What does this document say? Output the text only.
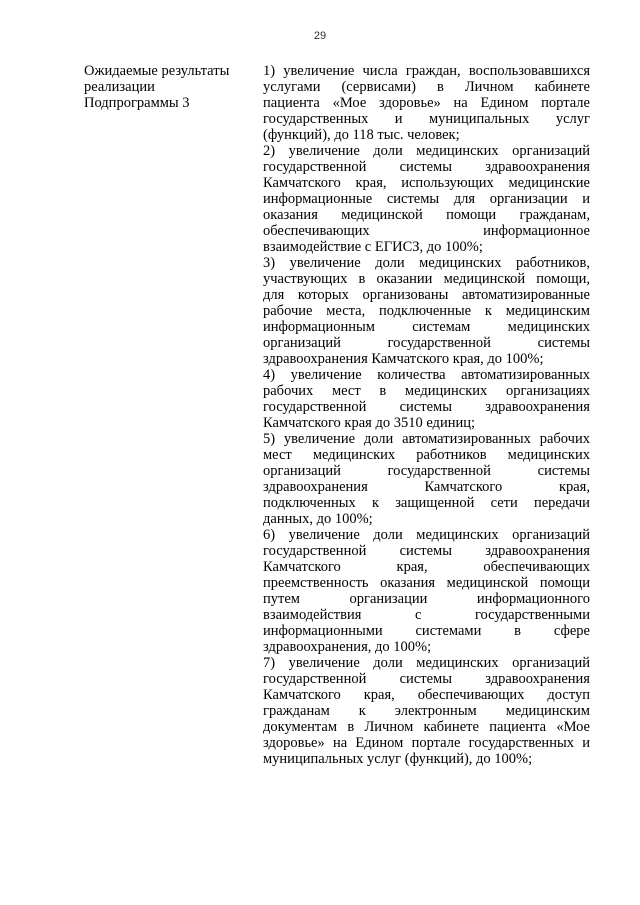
29
Ожидаемые результаты
реализации
Подпрограммы 3
1) увеличение числа граждан, воспользовавшихся
услугами (сервисами) в Личном кабинете
пациента «Мое здоровье» на Едином портале
государственных и муниципальных услуг
(функций), до 118 тыс. человек;
2) увеличение доли медицинских организаций
государственной системы здравоохранения
Камчатского края, использующих медицинские
информационные системы для организации и
оказания медицинской помощи гражданам,
обеспечивающих	информационное
взаимодействие с ЕГИСЗ, до 100%;
3) увеличение доли медицинских работников,
участвующих в оказании медицинской помощи,
для которых организованы автоматизированные
рабочие места, подключенные к медицинским
информационным	системам	медицинских
организаций	государственной	системы
здравоохранения Камчатского края, до 100%;
4) увеличение количества автоматизированных
рабочих мест в медицинских организациях
государственной системы здравоохранения
Камчатского края до 3510 единиц;
5) увеличение доли автоматизированных рабочих
мест медицинских работников медицинских
организаций	государственной	системы
здравоохранения	Камчатского	края,
подключенных к защищенной сети передачи
данных, до 100%;
6) увеличение доли медицинских организаций
государственной системы здравоохранения
Камчатского	края,	обеспечивающих
преемственность оказания медицинской помощи
путем	организации	информационного
взаимодействия	с	государственными
информационными системами в сфере
здравоохранения, до 100%;
7) увеличение доли медицинских организаций
государственной системы здравоохранения
Камчатского края, обеспечивающих доступ
гражданам к электронным медицинским
документам в Личном кабинете пациента «Мое
здоровье» на Едином портале государственных и
муниципальных услуг (функций), до 100%;
